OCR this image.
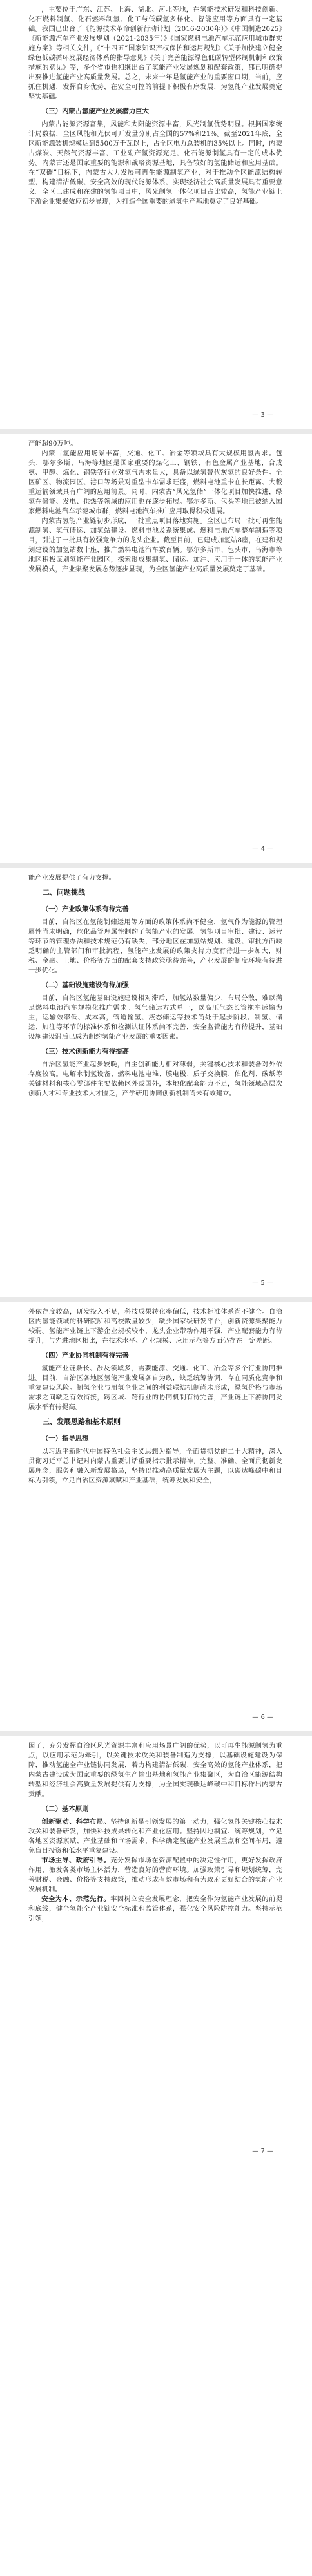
，主要位于广东、江苏、上海、湖北、河北等地，在氢能技术研发和科技创新、化石燃料制氢、化石燃料制氢、化工与低碳氢多样化、智能应用等方面具有一定基础。我国已出台了《能源技术革命创新行动计划（2016-2030年）》《中国制造2025》《新能源汽车产业发展规划（2021-2035年）》《国家燃料电池汽车示范应用城市群实施方案》等相关文件，《“十四五”国家知识产权保护和运用规划》《关于加快建立健全绿色低碳循环发展经济体系的指导意见》《关于完善能源绿色低碳转型体制机制和政策措施的意见》等，多个省市也相继出台了氢能产业发展规划和配套政策，都已明确提出要推进氢能产业高质量发展。总之，未来十年是氢能产业的重要窗口期，当前，应抓住机遇，发挥自身优势，在安全可控的前提下积极有序发展，为氢能产业发展奠定坚实基础。

（三）内蒙古氢能产业发展潜力巨大

内蒙古能源资源富集，风能和太阳能资源丰富，风光制氢优势明显。根据国家统计局数据，全区风能和光伏可开发量分别占全国的57%和21%。截至2021年底，全区新能源装机规模达到5500万千瓦以上，占全区电力总装机的35%以上。同时，内蒙古煤炭、天然气资源丰富，工业副产氢资源充足，化石能源制氢具有一定的成本优势。内蒙古还是国家重要的能源和战略资源基地，具备较好的氢能储运和应用基础。在“双碳”目标下，内蒙古大力发展可再生能源制氢产业，对于推动全区能源结构转型，构建清洁低碳、安全高效的现代能源体系，实现经济社会高质量发展具有重要意义。全区已建成和在建的氢能项目中，风光制氢一体化项目占比较高，氢能产业链上下游企业集聚效应初步显现，为打造全国重要的绿氢生产基地奠定了良好基础。

— 3 —

产能超90万吨。

内蒙古氢能应用场景丰富，交通、化工、冶金等领域具有大规模用氢需求。包头、鄂尔多斯、乌海等地区是国家重要的煤化工、钢铁、有色金属产业基地，合成氨、甲醇、炼化、钢铁等行业对氢气需求量大，具备以绿氢替代灰氢的良好条件。全区矿区、物流园区、港口等场景对重型卡车需求旺盛，燃料电池重卡在长距离、大载重运输领域具有广阔的应用前景。同时，内蒙古“风光氢储”一体化项目加快推进，绿氢在储能、发电、供热等领域的应用也在逐步拓展。鄂尔多斯、包头等地已被纳入国家燃料电池汽车示范城市群，燃料电池汽车推广应用取得积极进展。

内蒙古氢能产业链初步形成，一批重点项目落地实施。全区已布局一批可再生能源制氢、氢气储运、加氢站建设、燃料电池及系统集成、燃料电池汽车整车制造等项目，引进了一批具有较强竞争力的龙头企业。截至目前，已建成加氢站8座，在建和规划建设的加氢站数十座，推广燃料电池汽车数百辆。鄂尔多斯市、包头市、乌海市等地区积极谋划氢能产业园区，探索形成集制氢、储运、加注、应用于一体的氢能产业发展模式，产业集聚发展态势逐步显现，为全区氢能产业高质量发展奠定了基础。

— 4 —

能产业发展提供了有力支撑。

二、问题挑战
（一）产业政策体系有待完善

目前，自治区在氢能制储运用等方面的政策体系尚不健全，氢气作为能源的管理属性尚未明确，危化品管理属性制约了氢能产业的发展。氢能项目审批、建设、运营等环节的管理办法和技术规范仍有缺失，部分地区在加氢站规划、建设、审批方面缺乏明确的主管部门和审批流程，氢能产业发展的政策支持力度有待进一步加大，财税、金融、土地、价格等方面的配套支持政策亟待完善，产业发展的制度环境有待进一步优化。

（二）基础设施建设有待加强

目前，自治区氢能基础设施建设相对滞后，加氢站数量偏少、布局分散，难以满足燃料电池汽车规模化推广需求。氢气储运方式单一，以高压气态长管拖车运输为主，运输效率低、成本高，管道输氢、液态储运等技术尚处于起步阶段。制氢、储运、加注等环节的标准体系和检测认证体系尚不完善，安全监管能力有待提升，基础设施建设滞后已成为制约氢能产业发展的重要因素。

（三）技术创新能力有待提高

自治区氢能产业起步较晚，自主创新能力相对薄弱，关键核心技术和装备对外依存度较高。电解水制氢设备、燃料电池电堆、膜电极、质子交换膜、催化剂、碳纸等关键材料和核心零部件主要依赖区外或国外，本地化配套能力不足，氢能领域高层次创新人才和专业技术人才匮乏，产学研用协同创新机制尚未有效建立。

— 5 —

外依存度较高，研发投入不足，科技成果转化率偏低，技术标准体系尚不健全。自治区内氢能领域的科研院所和高校数量较少，缺少国家级研发平台，创新资源集聚能力较弱。氢能产业链上下游企业规模较小，龙头企业带动作用不强，产业配套能力有待提升，与先进地区相比，在技术水平、产业规模、应用示范等方面仍存在一定差距。

（四）产业协同机制有待完善

氢能产业链条长、涉及领域多，需要能源、交通、化工、冶金等多个行业协同推进。目前，自治区各地区氢能产业发展各自为政，缺乏统筹协调，存在同质化竞争和重复建设风险。制氢企业与用氢企业之间的利益联结机制尚未形成，绿氢价格与市场需求之间缺乏有效衔接，跨区域、跨行业的协同机制有待完善，产业链上下游协同发展水平有待提高。

三、发展思路和基本原则
（一）指导思想

以习近平新时代中国特色社会主义思想为指导，全面贯彻党的二十大精神，深入贯彻习近平总书记对内蒙古重要讲话重要指示批示精神，完整、准确、全面贯彻新发展理念，服务和融入新发展格局，坚持以推动高质量发展为主题，以碳达峰碳中和目标为引领，立足自治区资源禀赋和产业基础，统筹发展和安全，

— 6 —

因子，充分发挥自治区风光资源丰富和应用场景广阔的优势，以可再生能源制氢为重点，以应用示范为牵引，以关键技术攻关和装备制造为支撑，以基础设施建设为保障，推动氢能全产业链协同发展，着力构建清洁低碳、安全高效的氢能产业体系，把内蒙古建设成为国家重要的绿氢生产输出基地和氢能产业集聚区，为自治区能源结构转型和经济社会高质量发展提供有力支撑，为全国实现碳达峰碳中和目标作出内蒙古贡献。

（二）基本原则

创新驱动、科学布局。坚持创新是引领发展的第一动力，强化氢能关键核心技术攻关和装备研发，加快科技成果转化和产业化应用。坚持因地制宜、统筹规划，立足各地区资源禀赋、产业基础和市场需求，科学确定氢能产业发展重点和空间布局，避免盲目投资和低水平重复建设。

市场主导、政府引导。充分发挥市场在资源配置中的决定性作用，更好发挥政府作用，激发各类市场主体活力，营造良好的营商环境。加强政策引导和规划统筹，完善财税、金融、价格等支持政策，推动形成有效市场和有为政府更好结合的氢能产业发展机制。

安全为本、示范先行。牢固树立安全发展理念，把安全作为氢能产业发展的前提和底线，健全氢能全产业链安全标准和监管体系，强化安全风险防控能力。坚持示范引领，

— 7 —
